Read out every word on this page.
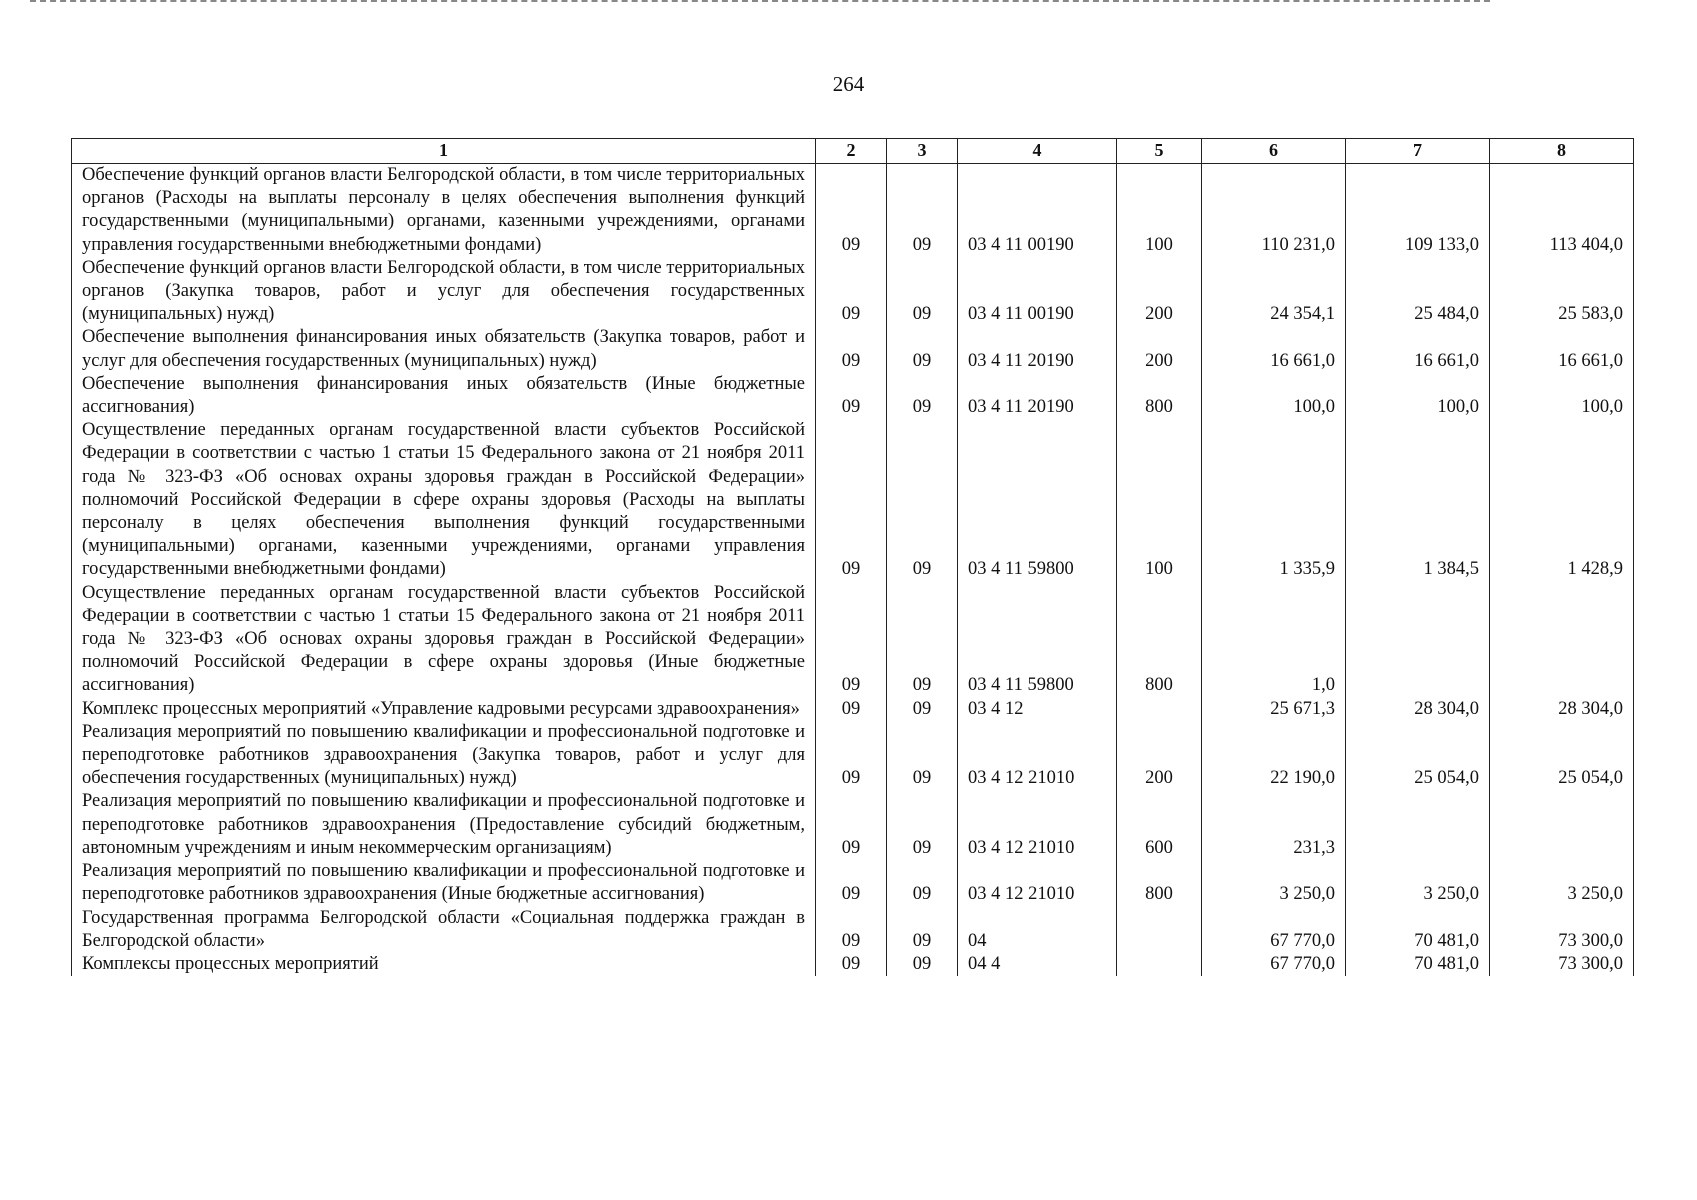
264
1	2	3	4	5	6	7	8
Обеспечение функций органов власти Белгородской области, в том числе территориальных органов (Расходы на выплаты персоналу в целях обеспечения выполнения функций государственными (муниципальными) органами, казенными учреждениями, органами управления государственными внебюджетными фондами)	09	09	03 4 11 00190	100	110 231,0	109 133,0	113 404,0
Обеспечение функций органов власти Белгородской области, в том числе территориальных органов (Закупка товаров, работ и услуг для обеспечения государственных (муниципальных) нужд)	09	09	03 4 11 00190	200	24 354,1	25 484,0	25 583,0
Обеспечение выполнения финансирования иных обязательств (Закупка товаров, работ и услуг для обеспечения государственных (муниципальных) нужд)	09	09	03 4 11 20190	200	16 661,0	16 661,0	16 661,0
Обеспечение выполнения финансирования иных обязательств (Иные бюджетные ассигнования)	09	09	03 4 11 20190	800	100,0	100,0	100,0
Осуществление переданных органам государственной власти субъектов Российской Федерации в соответствии с частью 1 статьи 15 Федерального закона от 21 ноября 2011 года № 323-ФЗ «Об основах охраны здоровья граждан в Российской Федерации» полномочий Российской Федерации в сфере охраны здоровья (Расходы на выплаты персоналу в целях обеспечения выполнения функций государственными (муниципальными) органами, казенными учреждениями, органами управления государственными внебюджетными фондами)	09	09	03 4 11 59800	100	1 335,9	1 384,5	1 428,9
Осуществление переданных органам государственной власти субъектов Российской Федерации в соответствии с частью 1 статьи 15 Федерального закона от 21 ноября 2011 года № 323-ФЗ «Об основах охраны здоровья граждан в Российской Федерации» полномочий Российской Федерации в сфере охраны здоровья (Иные бюджетные ассигнования)	09	09	03 4 11 59800	800	1,0		
Комплекс процессных мероприятий «Управление кадровыми ресурсами здравоохранения»	09	09	03 4 12		25 671,3	28 304,0	28 304,0
Реализация мероприятий по повышению квалификации и профессиональной подготовке и переподготовке работников здравоохранения (Закупка товаров, работ и услуг для обеспечения государственных (муниципальных) нужд)	09	09	03 4 12 21010	200	22 190,0	25 054,0	25 054,0
Реализация мероприятий по повышению квалификации и профессиональной подготовке и переподготовке работников здравоохранения (Предоставление субсидий бюджетным, автономным учреждениям и иным некоммерческим организациям)	09	09	03 4 12 21010	600	231,3		
Реализация мероприятий по повышению квалификации и профессиональной подготовке и переподготовке работников здравоохранения (Иные бюджетные ассигнования)	09	09	03 4 12 21010	800	3 250,0	3 250,0	3 250,0
Государственная программа Белгородской области «Социальная поддержка граждан в Белгородской области»	09	09	04		67 770,0	70 481,0	73 300,0
Комплексы процессных мероприятий	09	09	04 4		67 770,0	70 481,0	73 300,0
